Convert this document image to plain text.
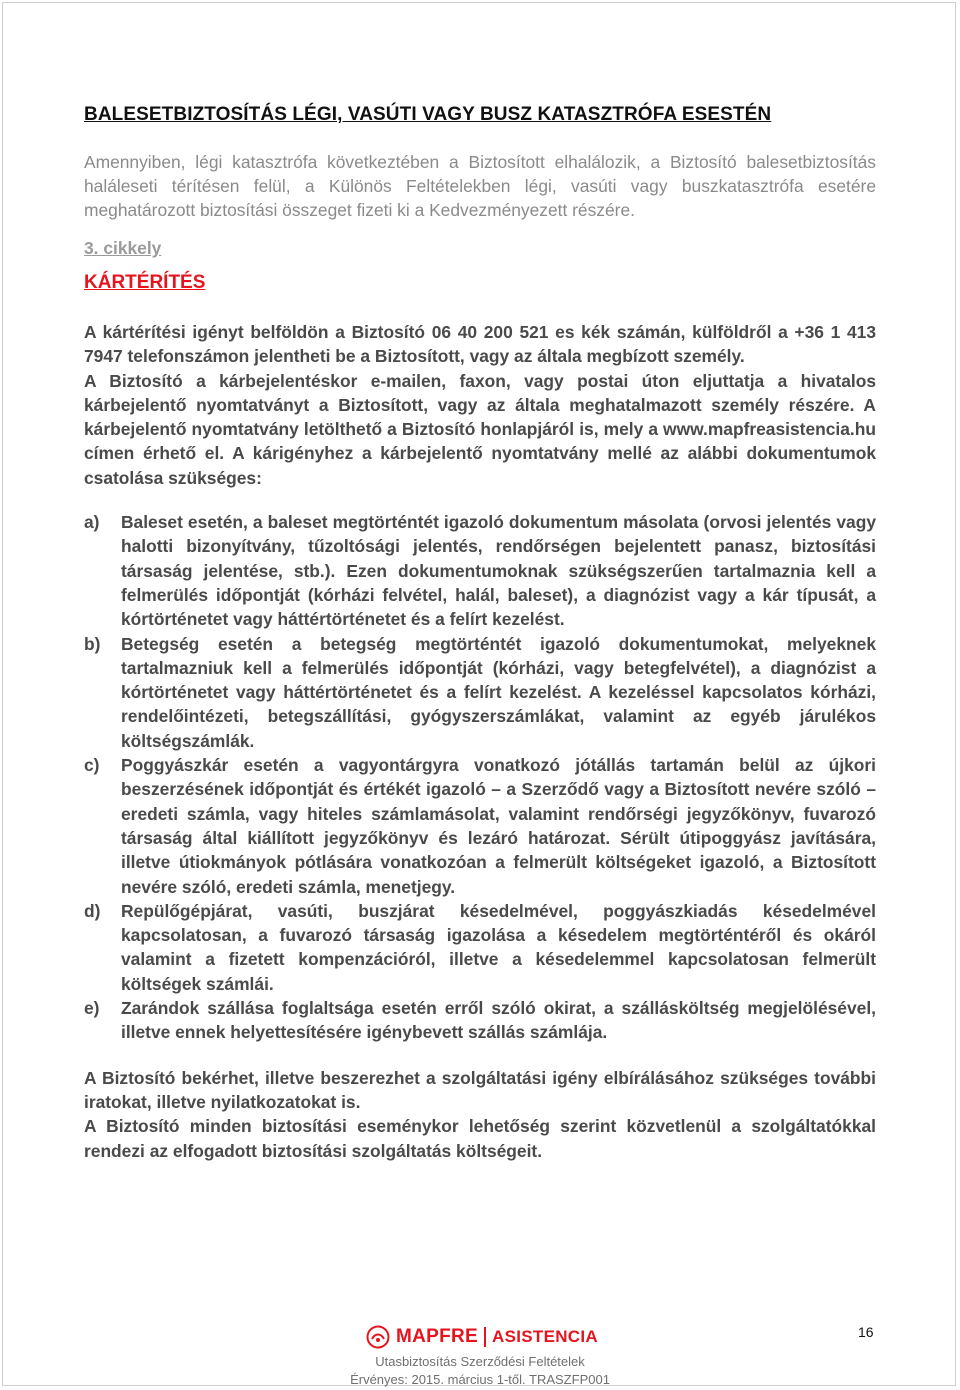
BALESETBIZTOSÍTÁS LÉGI, VASÚTI VAGY BUSZ KATASZTRÓFA ESESTÉN

Amennyiben, légi katasztrófa következtében a Biztosított elhalálozik, a Biztosító balesetbiztosítás haláleseti térítésen felül, a Különös Feltételekben légi, vasúti vagy buszkatasztrófa esetére meghatározott biztosítási összeget fizeti ki a Kedvezményezett részére.

3. cikkely

KÁRTÉRÍTÉS

A kártérítési igényt belföldön a Biztosító 06 40 200 521 es kék számán, külföldről a +36 1 413 7947 telefonszámon jelentheti be a Biztosított, vagy az általa megbízott személy.

A Biztosító a kárbejelentéskor e-mailen, faxon, vagy postai úton eljuttatja a hivatalos kárbejelentő nyomtatványt a Biztosított, vagy az általa meghatalmazott személy részére. A kárbejelentő nyomtatvány letölthető a Biztosító honlapjáról is, mely a www.mapfreasistencia.hu címen érhető el. A kárigényhez a kárbejelentő nyomtatvány mellé az alábbi dokumentumok csatolása szükséges:

a)	Baleset esetén, a baleset megtörténtét igazoló dokumentum másolata (orvosi jelentés vagy halotti bizonyítvány, tűzoltósági jelentés, rendőrségen bejelentett panasz, biztosítási társaság jelentése, stb.). Ezen dokumentumoknak szükségszerűen tartalmaznia kell a felmerülés időpontját (kórházi felvétel, halál, baleset), a diagnózist vagy a kár típusát, a kórtörténetet vagy háttértörténetet és a felírt kezelést.
b)	Betegség esetén a betegség megtörténtét igazoló dokumentumokat, melyeknek tartalmazniuk kell a felmerülés időpontját (kórházi, vagy betegfelvétel), a diagnózist a kórtörténetet vagy háttértörténetet és a felírt kezelést. A kezeléssel kapcsolatos kórházi, rendelőintézeti, betegszállítási, gyógyszerszámlákat, valamint az egyéb járulékos költségszámlák.
c)	Poggyászkár esetén a vagyontárgyra vonatkozó jótállás tartamán belül az újkori beszerzésének időpontját és értékét igazoló – a Szerződő vagy a Biztosított nevére szóló – eredeti számla, vagy hiteles számlamásolat, valamint rendőrségi jegyzőkönyv, fuvarozó társaság által kiállított jegyzőkönyv és lezáró határozat. Sérült útipoggyász javítására, illetve útiokmányok pótlására vonatkozóan a felmerült költségeket igazoló, a Biztosított nevére szóló, eredeti számla, menetjegy.
d)	Repülőgépjárat, vasúti, buszjárat késedelmével, poggyászkiadás késedelmével kapcsolatosan, a fuvarozó társaság igazolása a késedelem megtörténtéről és okáról valamint a fizetett kompenzációról, illetve a késedelemmel kapcsolatosan felmerült költségek számlái.
e)	Zarándok szállása foglaltsága esetén erről szóló okirat, a szállásköltség megjelölésével, illetve ennek helyettesítésére igénybevett szállás számlája.

A Biztosító bekérhet, illetve beszerezhet a szolgáltatási igény elbírálásához szükséges további iratokat, illetve nyilatkozatokat is.

A Biztosító minden biztosítási eseménykor lehetőség szerint közvetlenül a szolgáltatókkal rendezi az elfogadott biztosítási szolgáltatás költségeit.

MAPFRE ASISTENCIA	16
Utasbiztosítás Szerződési Feltételek
Érvényes: 2015. március 1-től. TRASZFP001
